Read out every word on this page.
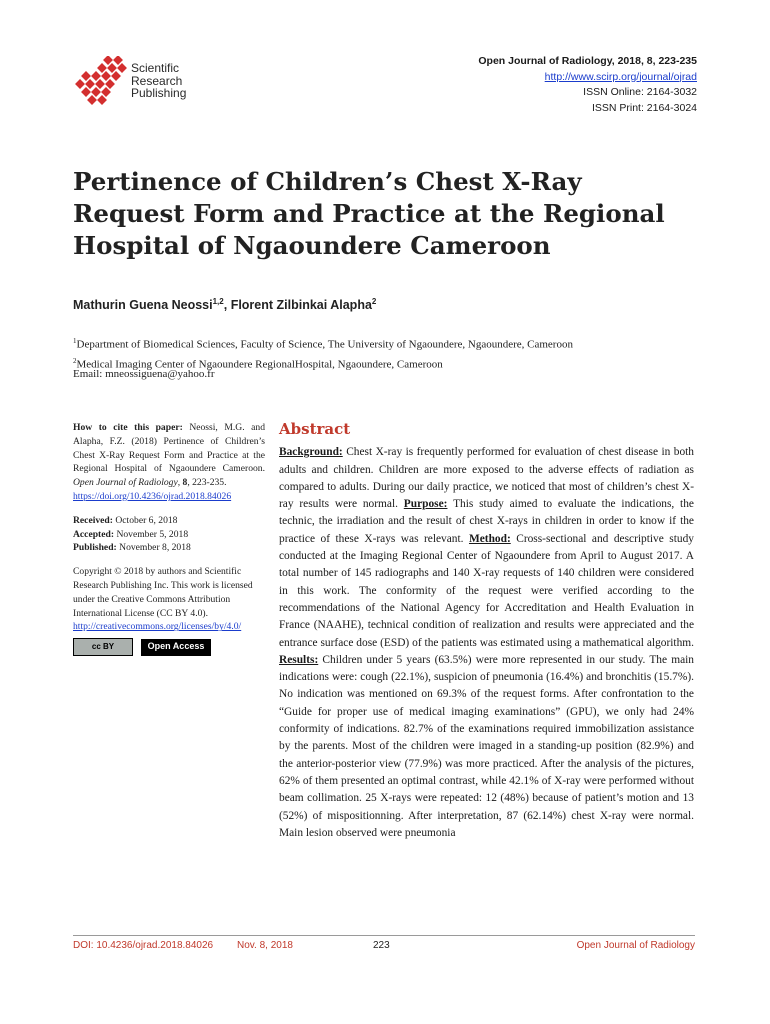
Scientific
Research
Publishing
Open Journal of Radiology, 2018, 8, 223-235
http://www.scirp.org/journal/ojrad
ISSN Online: 2164-3032
ISSN Print: 2164-3024
Pertinence of Children’s Chest X-Ray Request Form and Practice at the Regional Hospital of Ngaoundere Cameroon
Mathurin Guena Neossi$^{1,2}$, Florent Zilbinkai Alapha$^2$
$^1$Department of Biomedical Sciences, Faculty of Science, The University of Ngaoundere, Ngaoundere, Cameroon
$^2$Medical Imaging Center of Ngaoundere RegionalHospital, Ngaoundere, Cameroon
Email: mneossiguena@yahoo.fr

How to cite this paper: Neossi, M.G. and Alapha, F.Z. (2018) Pertinence of Children’s Chest X-Ray Request Form and Practice at the Regional Hospital of Ngaoundere Cameroon. Open Journal of Radiology, 8, 223-235.

https://doi.org/10.4236/ojrad.2018.84026

Received: October 6, 2018

Accepted: November 5, 2018

Published: November 8, 2018

Copyright © 2018 by authors and Scientific Research Publishing Inc. This work is licensed under the Creative Commons Attribution International License (CC BY 4.0).

http://creativecommons.org/licenses/by/4.0/

cc BY	Open Access
Abstract

Background: Chest X-ray is frequently performed for evaluation of chest disease in both adults and children. Children are more exposed to the adverse effects of radiation as compared to adults. During our daily practice, we noticed that most of children’s chest X-ray results were normal. Purpose: This study aimed to evaluate the indications, the technic, the irradiation and the result of chest X-rays in children in order to know if the practice of these X-rays was relevant. Method: Cross-sectional and descriptive study conducted at the Imaging Regional Center of Ngaoundere from April to August 2017. A total number of 145 radiographs and 140 X-ray requests of 140 children were considered in this work. The conformity of the request were verified according to the recommendations of the National Agency for Accreditation and Health Evaluation in France (NAAHE), technical condition of realization and results were appreciated and the entrance surface dose (ESD) of the patients was estimated using a mathematical algorithm. Results: Children under 5 years (63.5%) were more represented in our study. The main indications were: cough (22.1%), suspicion of pneumonia (16.4%) and bronchitis (15.7%). No indication was mentioned on 69.3% of the request forms. After confrontation to the “Guide for proper use of medical imaging examinations” (GPU), we only had 24% conformity of indications. 82.7% of the examinations required immobilization assistance by the parents. Most of the children were imaged in a standing-up position (82.9%) and the anterior-posterior view (77.9%) was more practiced. After the analysis of the pictures, 62% of them presented an optimal contrast, while 42.1% of X-ray were performed without beam collimation. 25 X-rays were repeated: 12 (48%) because of patient’s motion and 13 (52%) of mispositionning. After interpretation, 87 (62.14%) chest X-ray were normal. Main lesion observed were pneumonia

DOI: 10.4236/ojrad.2018.84026 Nov. 8, 2018	223	Open Journal of Radiology
